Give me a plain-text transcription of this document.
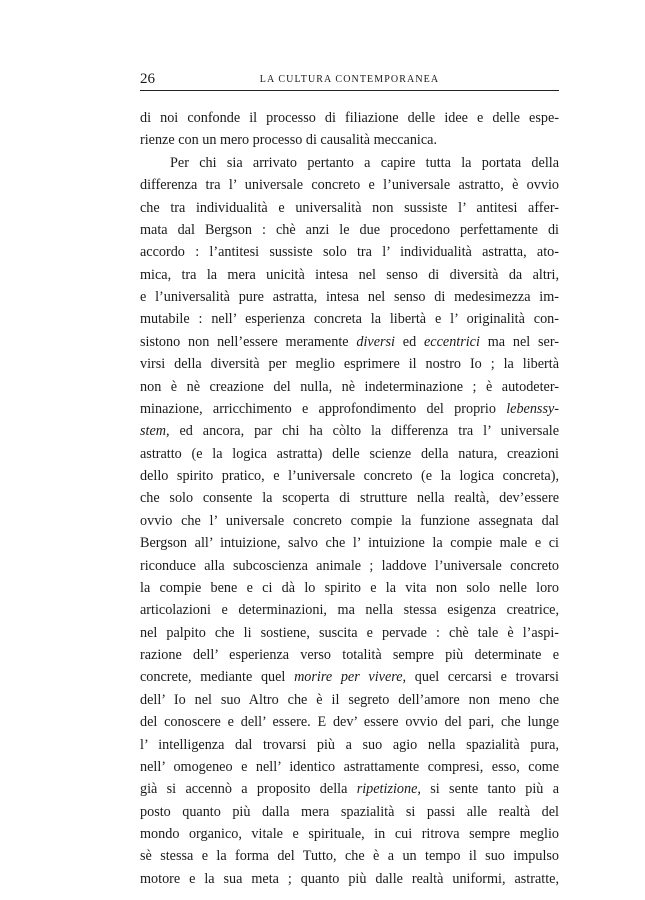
26	LA CULTURA CONTEMPORANEA
di noi confonde il processo di filiazione delle idee e delle espe-
rienze con un mero processo di causalità meccanica.
Per chi sia arrivato pertanto a capire tutta la portata della
differenza tra l’ universale concreto e l’universale astratto, è ovvio
che tra individualità e universalità non sussiste l’ antitesi affer-
mata dal Bergson : chè anzi le due procedono perfettamente di
accordo : l’antitesi sussiste solo tra l’ individualità astratta, ato-
mica, tra la mera unicità intesa nel senso di diversità da altri,
e l’universalità pure astratta, intesa nel senso di medesimezza im-
mutabile : nell’ esperienza concreta la libertà e l’ originalità con-
sistono non nell’essere meramente diversi ed eccentrici ma nel ser-
virsi della diversità per meglio esprimere il nostro Io ; la libertà
non è nè creazione del nulla, nè indeterminazione ; è autodeter-
minazione, arricchimento e approfondimento del proprio lebenssy-
stem, ed ancora, par chi ha còlto la differenza tra l’ universale
astratto (e la logica astratta) delle scienze della natura, creazioni
dello spirito pratico, e l’universale concreto (e la logica concreta),
che solo consente la scoperta di strutture nella realtà, dev’essere
ovvio che l’ universale concreto compie la funzione assegnata dal
Bergson all’ intuizione, salvo che l’ intuizione la compie male e ci
riconduce alla subcoscienza animale ; laddove l’universale concreto
la compie bene e ci dà lo spirito e la vita non solo nelle loro
articolazioni e determinazioni, ma nella stessa esigenza creatrice,
nel palpito che li sostiene, suscita e pervade : chè tale è l’aspi-
razione dell’ esperienza verso totalità sempre più determinate e
concrete, mediante quel morire per vivere, quel cercarsi e trovarsi
dell’ Io nel suo Altro che è il segreto dell’amore non meno che
del conoscere e dell’ essere. E dev’ essere ovvio del pari, che lunge
l’ intelligenza dal trovarsi più a suo agio nella spazialità pura,
nell’ omogeneo e nell’ identico astrattamente compresi, esso, come
già si accennò a proposito della ripetizione, si sente tanto più a
posto quanto più dalla mera spazialità si passi alle realtà del
mondo organico, vitale e spirituale, in cui ritrova sempre meglio
sè stessa e la forma del Tutto, che è a un tempo il suo impulso
motore e la sua meta ; quanto più dalle realtà uniformi, astratte,
